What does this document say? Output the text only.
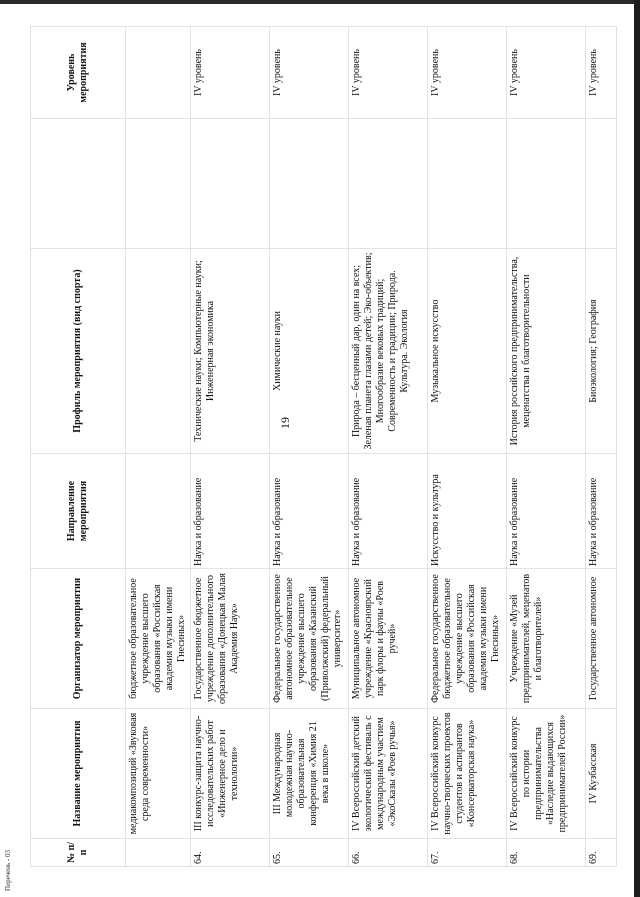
Перечень - 03
19
№ п/п	Название мероприятия	Организатор мероприятия	Направление мероприятия	Профиль мероприятия (вид спорта)		Уровень мероприятия
	медиакомпозиций «Звуковая среда современности»	бюджетное образовательное учреждение высшего образования «Российская академия музыки имени Гнесиных»				
64.	III конкурс-защита научно-исследовательских работ «Инженерное дело и технологии»	Государственное бюджетное учреждение дополнительного образования «Донецкая Малая Академия Наук»	Наука и образование	Технические науки; Компьютерные науки; Инженерная экономика		IV уровень
65.	III Международная молодежная научно-образовательная конференция «Химия 21 века в школе»	Федеральное государственное автономное образовательное учреждение высшего образования «Казанский (Приволжский) федеральный университет»	Наука и образование	Химические науки		IV уровень
66.	IV Всероссийский детский экологический фестиваль с международным участием «ЭкоСказы «Роев ручья»	Муниципальное автономное учреждение «Красноярский парк флоры и фауны «Роев ручей»	Наука и образование	Природа – бесценный дар, один на всех; Зеленая планета глазами детей; Эко-объектив; Многообразие вековых традиций; Современность и традиции; Природа. Культура. Экология		IV уровень
67.	IV Всероссийский конкурс научно-творческих проектов студентов и аспирантов «Консерваторская наука»	Федеральное государственное бюджетное образовательное учреждение высшего образования «Российская академия музыки имени Гнесиных»	Искусство и культура	Музыкальное искусство		IV уровень
68.	IV Всероссийский конкурс по истории предпринимательства «Наследие выдающихся предпринимателей России»	Учреждение «Музей предпринимателей, меценатов и благотворителей»	Наука и образование	История российского предпринимательства, меценатства и благотворительности		IV уровень
69.	IV Кузбасская	Государственное автономное	Наука и образование	Биоэкология; География		IV уровень
